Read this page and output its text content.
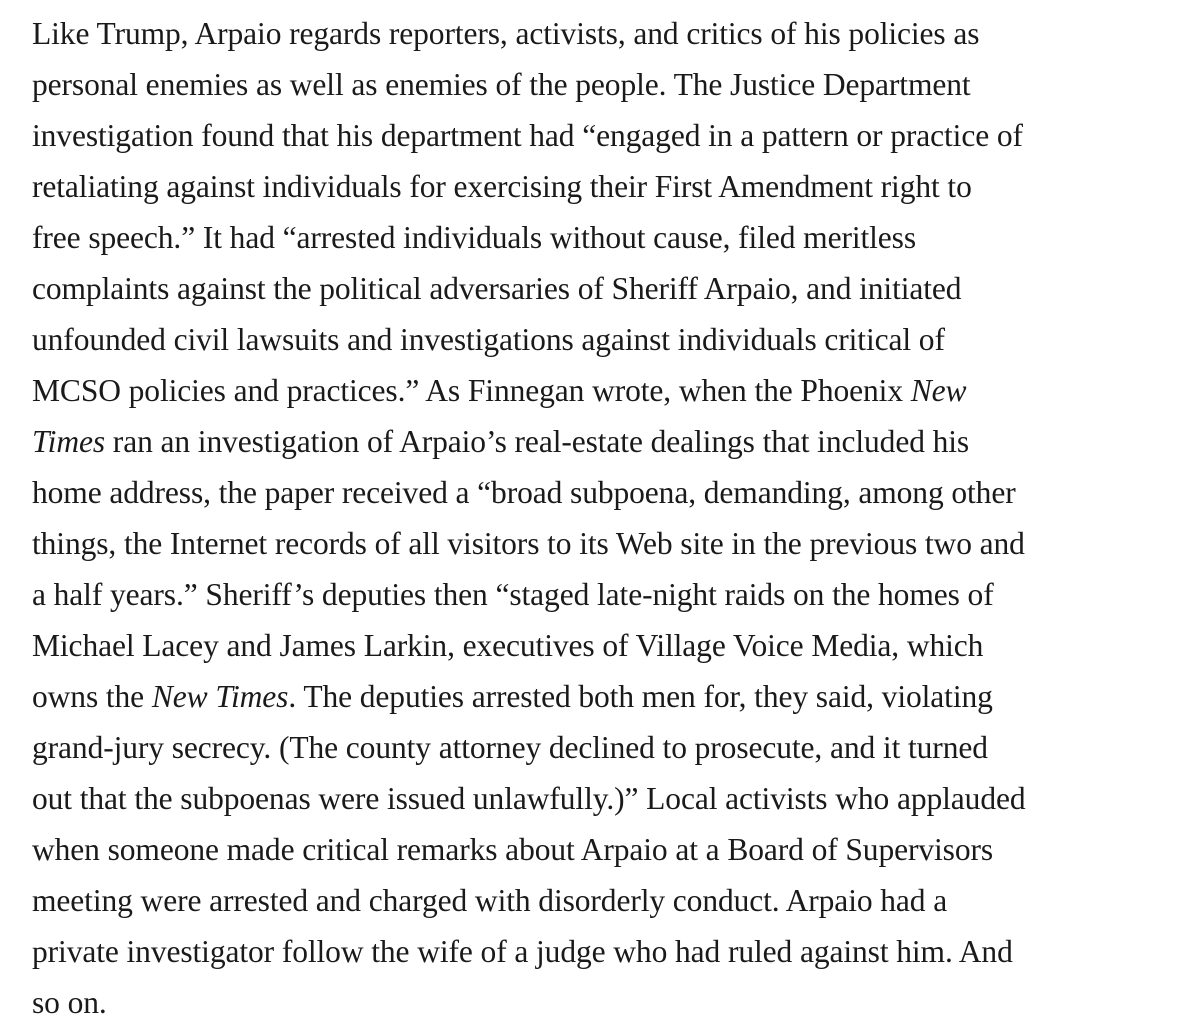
Like Trump, Arpaio regards reporters, activists, and critics of his policies as
personal enemies as well as enemies of the people. The Justice Department
investigation found that his department had “engaged in a pattern or practice of
retaliating against individuals for exercising their First Amendment right to
free speech.” It had “arrested individuals without cause, filed meritless
complaints against the political adversaries of Sheriff Arpaio, and initiated
unfounded civil lawsuits and investigations against individuals critical of
MCSO policies and practices.” As Finnegan wrote, when the Phoenix New
Times ran an investigation of Arpaio’s real-estate dealings that included his
home address, the paper received a “broad subpoena, demanding, among other
things, the Internet records of all visitors to its Web site in the previous two and
a half years.” Sheriff’s deputies then “staged late-night raids on the homes of
Michael Lacey and James Larkin, executives of Village Voice Media, which
owns the New Times. The deputies arrested both men for, they said, violating
grand-jury secrecy. (The county attorney declined to prosecute, and it turned
out that the subpoenas were issued unlawfully.)” Local activists who applauded
when someone made critical remarks about Arpaio at a Board of Supervisors
meeting were arrested and charged with disorderly conduct. Arpaio had a
private investigator follow the wife of a judge who had ruled against him. And
so on.
